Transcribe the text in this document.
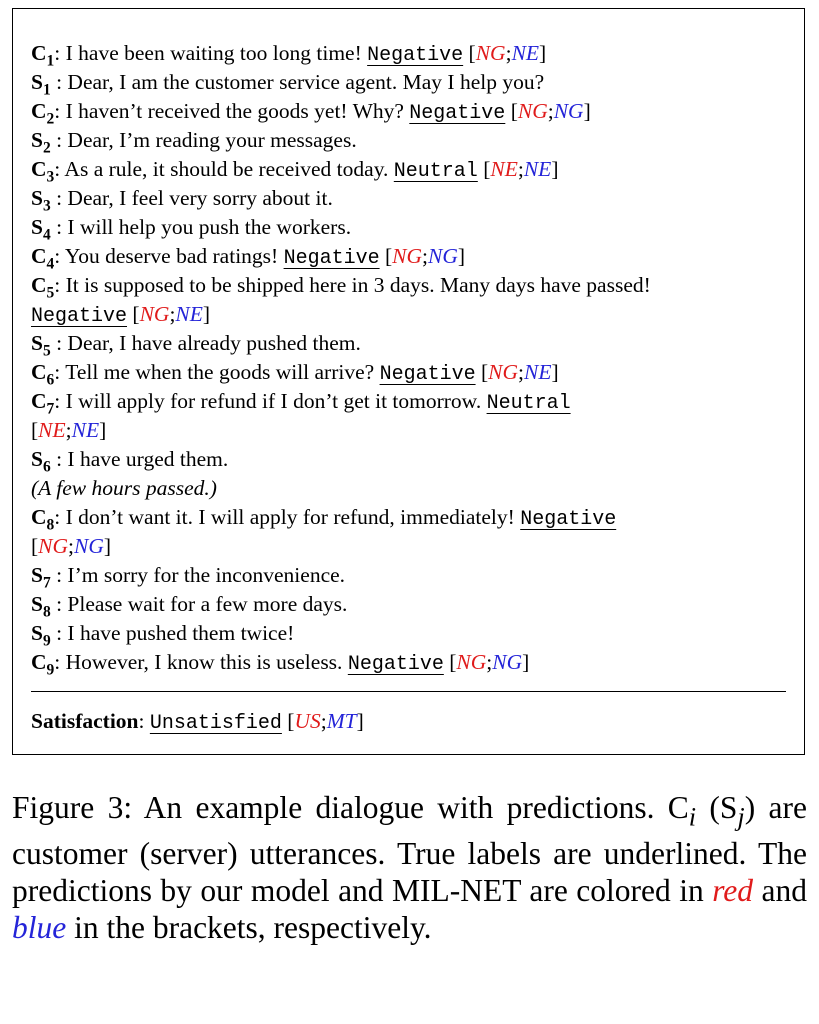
$C_1$: I have been waiting too long time! Negative [NG;NE]
$S_1$ : Dear, I am the customer service agent. May I help you?
$C_2$: I haven’t received the goods yet! Why? Negative [NG;NG]
$S_2$ : Dear, I’m reading your messages.
$C_3$: As a rule, it should be received today. Neutral [NE;NE]
$S_3$ : Dear, I feel very sorry about it.
$S_4$ : I will help you push the workers.
$C_4$: You deserve bad ratings! Negative [NG;NG]
$C_5$: It is supposed to be shipped here in 3 days. Many days have passed!
Negative [NG;NE]
$S_5$ : Dear, I have already pushed them.
$C_6$: Tell me when the goods will arrive? Negative [NG;NE]
$C_7$: I will apply for refund if I don’t get it tomorrow. Neutral
[NE;NE]
$S_6$ : I have urged them.
(A few hours passed.)
$C_8$: I don’t want it. I will apply for refund, immediately! Negative
[NG;NG]
$S_7$ : I’m sorry for the inconvenience.
$S_8$ : Please wait for a few more days.
$S_9$ : I have pushed them twice!
$C_9$: However, I know this is useless. Negative [NG;NG]
Satisfaction: Unsatisfied [US;MT]
Figure 3: An example dialogue with predictions. $C_i$ $(S_j)$ are customer (server) utterances. True labels are underlined. The predictions by our model and MIL-NET are colored in red and blue in the brackets, respectively.
